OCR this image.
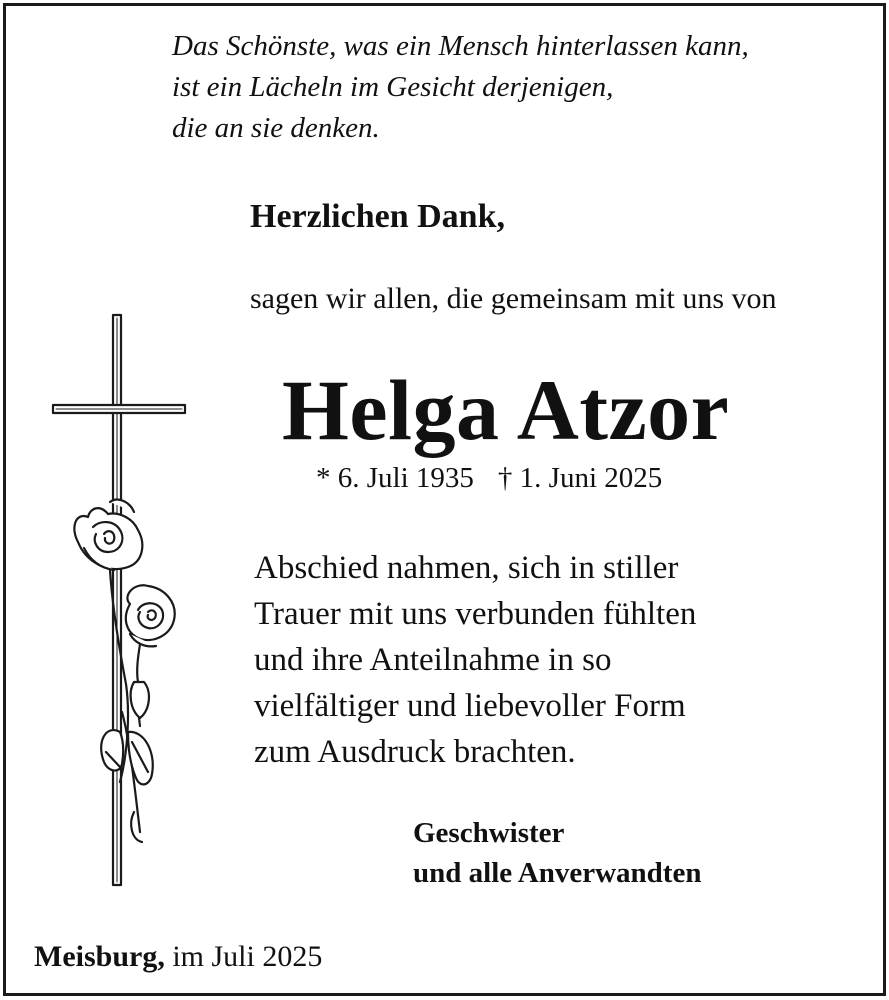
Das Schönste, was ein Mensch hinterlassen kann,
ist ein Lächeln im Gesicht derjenigen,
die an sie denken.
Herzlichen Dank,
sagen wir allen, die gemeinsam mit uns von
Helga Atzor
* 6. Juli 1935 † 1. Juni 2025
Abschied nahmen, sich in stiller
Trauer mit uns verbunden fühlten
und ihre Anteilnahme in so
vielfältiger und liebevoller Form
zum Ausdruck brachten.
Geschwister
und alle Anverwandten
Meisburg, im Juli 2025
